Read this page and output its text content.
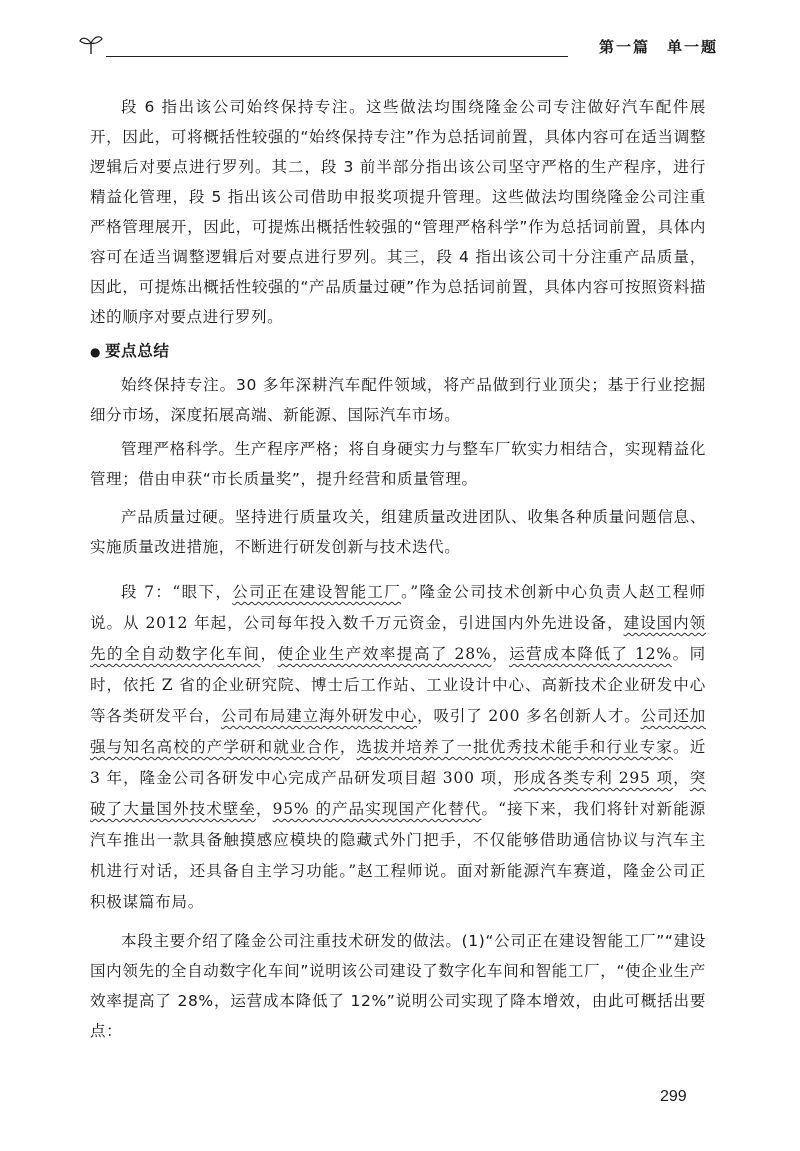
第一篇　单一题
段 6 指出该公司始终保持专注。这些做法均围绕隆金公司专注做好汽车配件展开，因此，可将概括性较强的“始终保持专注”作为总括词前置，具体内容可在适当调整逻辑后对要点进行罗列。其二，段 3 前半部分指出该公司坚守严格的生产程序，进行精益化管理，段 5 指出该公司借助申报奖项提升管理。这些做法均围绕隆金公司注重严格管理展开，因此，可提炼出概括性较强的“管理严格科学”作为总括词前置，具体内容可在适当调整逻辑后对要点进行罗列。其三，段 4 指出该公司十分注重产品质量，因此，可提炼出概括性较强的“产品质量过硬”作为总括词前置，具体内容可按照资料描述的顺序对要点进行罗列。
● 要点总结
始终保持专注。30 多年深耕汽车配件领域，将产品做到行业顶尖；基于行业挖掘细分市场，深度拓展高端、新能源、国际汽车市场。
管理严格科学。生产程序严格；将自身硬实力与整车厂软实力相结合，实现精益化管理；借由申获“市长质量奖”，提升经营和质量管理。
产品质量过硬。坚持进行质量攻关，组建质量改进团队、收集各种质量问题信息、实施质量改进措施，不断进行研发创新与技术迭代。
段 7：“眼下，公司正在建设智能工厂。”隆金公司技术创新中心负责人赵工程师说。从 2012 年起，公司每年投入数千万元资金，引进国内外先进设备，建设国内领先的全自动数字化车间，使企业生产效率提高了 28%，运营成本降低了 12%。同时，依托 Z 省的企业研究院、博士后工作站、工业设计中心、高新技术企业研发中心等各类研发平台，公司布局建立海外研发中心，吸引了 200 多名创新人才。公司还加强与知名高校的产学研和就业合作，选拔并培养了一批优秀技术能手和行业专家。近 3 年，隆金公司各研发中心完成产品研发项目超 300 项，形成各类专利 295 项，突破了大量国外技术壁垒，95% 的产品实现国产化替代。“接下来，我们将针对新能源汽车推出一款具备触摸感应模块的隐藏式外门把手，不仅能够借助通信协议与汽车主机进行对话，还具备自主学习功能。”赵工程师说。面对新能源汽车赛道，隆金公司正积极谋篇布局。
本段主要介绍了隆金公司注重技术研发的做法。(1)“公司正在建设智能工厂”“建设国内领先的全自动数字化车间”说明该公司建设了数字化车间和智能工厂，“使企业生产效率提高了 28%，运营成本降低了 12%”说明公司实现了降本增效，由此可概括出要点：
299
